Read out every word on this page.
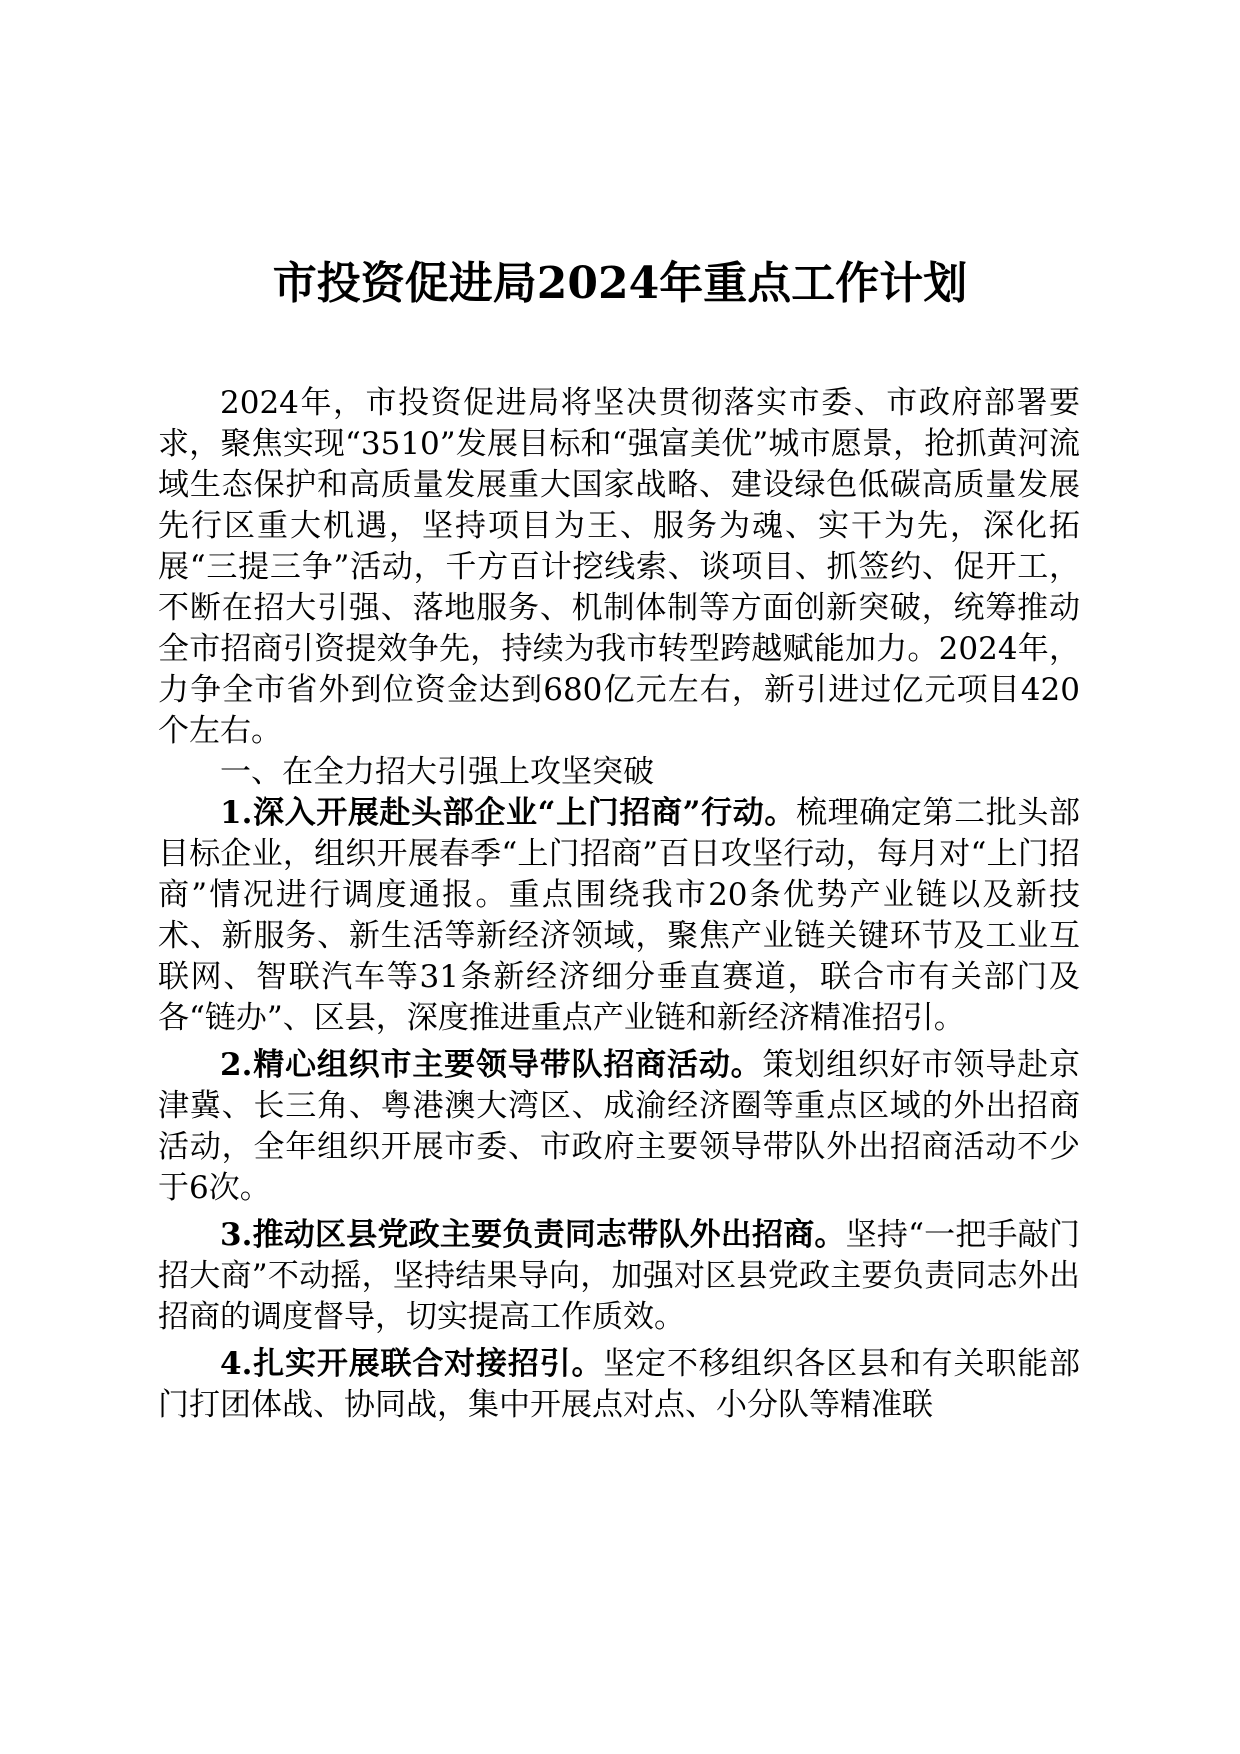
市投资促进局2024年重点工作计划

2024年，市投资促进局将坚决贯彻落实市委、市政府部署要求，聚焦实现“3510”发展目标和“强富美优”城市愿景，抢抓黄河流域生态保护和高质量发展重大国家战略、建设绿色低碳高质量发展先行区重大机遇，坚持项目为王、服务为魂、实干为先，深化拓展“三提三争”活动，千方百计挖线索、谈项目、抓签约、促开工，不断在招大引强、落地服务、机制体制等方面创新突破，统筹推动全市招商引资提效争先，持续为我市转型跨越赋能加力。2024年，力争全市省外到位资金达到680亿元左右，新引进过亿元项目420个左右。

一、在全力招大引强上攻坚突破

1.深入开展赴头部企业“上门招商”行动。梳理确定第二批头部目标企业，组织开展春季“上门招商”百日攻坚行动，每月对“上门招商”情况进行调度通报。重点围绕我市20条优势产业链以及新技术、新服务、新生活等新经济领域，聚焦产业链关键环节及工业互联网、智联汽车等31条新经济细分垂直赛道，联合市有关部门及各“链办”、区县，深度推进重点产业链和新经济精准招引。

2.精心组织市主要领导带队招商活动。策划组织好市领导赴京津冀、长三角、粤港澳大湾区、成渝经济圈等重点区域的外出招商活动，全年组织开展市委、市政府主要领导带队外出招商活动不少于6次。

3.推动区县党政主要负责同志带队外出招商。坚持“一把手敲门招大商”不动摇，坚持结果导向，加强对区县党政主要负责同志外出招商的调度督导，切实提高工作质效。

4.扎实开展联合对接招引。坚定不移组织各区县和有关职能部门打团体战、协同战，集中开展点对点、小分队等精准联
